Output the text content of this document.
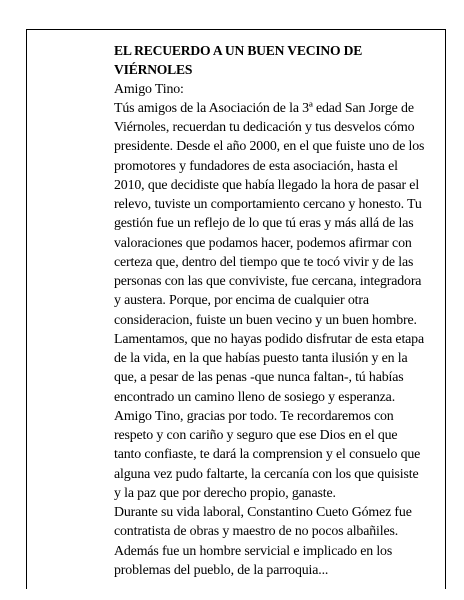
EL RECUERDO A UN BUEN VECINO DE VIÉRNOLES

Amigo Tino:

Tús amigos de la Asociación de la 3ª edad San Jorge de Viérnoles, recuerdan tu dedicación y tus desvelos cómo presidente. Desde el año 2000, en el que fuiste uno de los promotores y fundadores de esta asociación, hasta el 2010, que decidiste que había llegado la hora de pasar el relevo, tuviste un comportamiento cercano y honesto. Tu gestión fue un reflejo de lo que tú eras y más allá de las valoraciones que podamos hacer, podemos afirmar con certeza que, dentro del tiempo que te tocó vivir y de las personas con las que conviviste, fue cercana, integradora y austera. Porque, por encima de cualquier otra consideracion, fuiste un buen vecino y un buen hombre.

Lamentamos, que no hayas podido disfrutar de esta etapa de la vida, en la que habías puesto tanta ilusión y en la que, a pesar de las penas -que nunca faltan-, tú habías encontrado un camino lleno de sosiego y esperanza.

Amigo Tino, gracias por todo. Te recordaremos con respeto y con cariño y seguro que ese Dios en el que tanto confiaste, te dará la comprension y el consuelo que alguna vez pudo faltarte, la cercanía con los que quisiste y la paz que por derecho propio, ganaste.

Durante su vida laboral, Constantino Cueto Gómez fue contratista de obras y maestro de no pocos albañiles. Además fue un hombre servicial e implicado en los problemas del pueblo, de la parroquia...
